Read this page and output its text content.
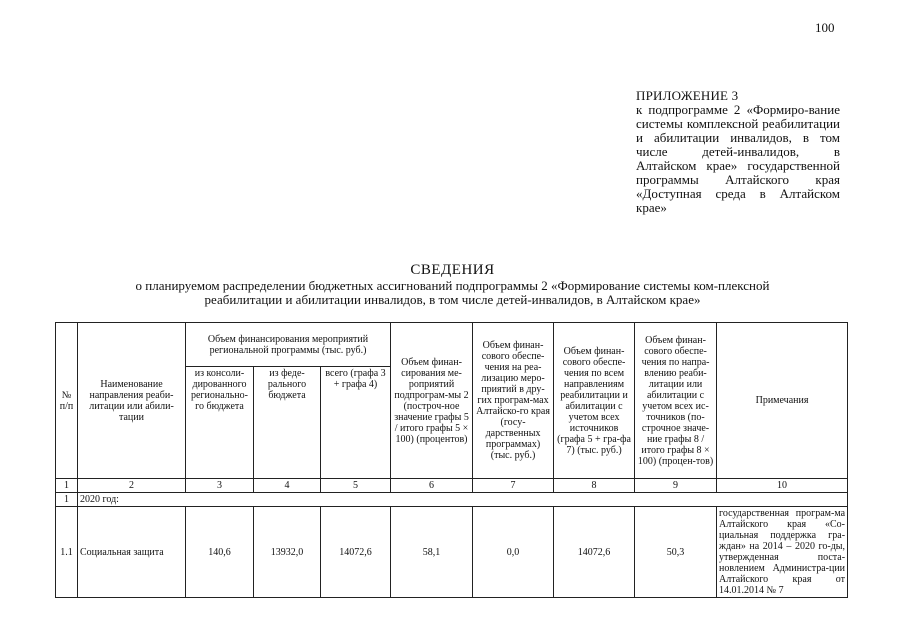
100
ПРИЛОЖЕНИЕ 3
к подпрограмме 2 «Формиро-вание системы комплексной реабилитации и абилитации инвалидов, в том числе детей-инвалидов, в Алтайском крае» государственной программы Алтайского края «Доступная среда в Алтайском крае»
СВЕДЕНИЯ
о планируемом распределении бюджетных ассигнований подпрограммы 2 «Формирование системы ком-плексной реабилитации и абилитации инвалидов, в том числе детей-инвалидов, в Алтайском крае»
№ п/п	Наименование направления реаби-литации или абили-тации	Объем финансирования мероприятий региональной программы (тыс. руб.)			Объем финан-сирования ме-роприятий подпрограм-мы 2 (построч-ное значение графы 5 / итого графы 5 × 100) (процентов)	Объем финан-сового обеспе-чения на реа-лизацию меро-приятий в дру-гих програм-мах Алтайско-го края (госу-дарственных программах) (тыс. руб.)	Объем финан-сового обеспе-чения по всем направлениям реабилитации и абилитации с учетом всех источников (графа 5 + гра-фа 7) (тыс. руб.)	Объем финан-сового обеспе-чения по напра-влению реаби-литации или абилитации с учетом всех ис-точников (по-строчное значе-ние графы 8 / итого графы 8 × 100) (процен-тов)	Примечания
		из консоли-дированного регионально-го бюджета	из феде-рального бюджета	всего (графа 3 + графа 4)					
1	2	3	4	5	6	7	8	9	10
1	2020 год:								
1.1	Социальная защита	140,6	13932,0	14072,6	58,1	0,0	14072,6	50,3	государственная програм-ма Алтайского края «Со-циальная поддержка гра-ждан» на 2014 – 2020 го-ды, утвержденная поста-новлением Администра-ции Алтайского края от 14.01.2014 № 7
